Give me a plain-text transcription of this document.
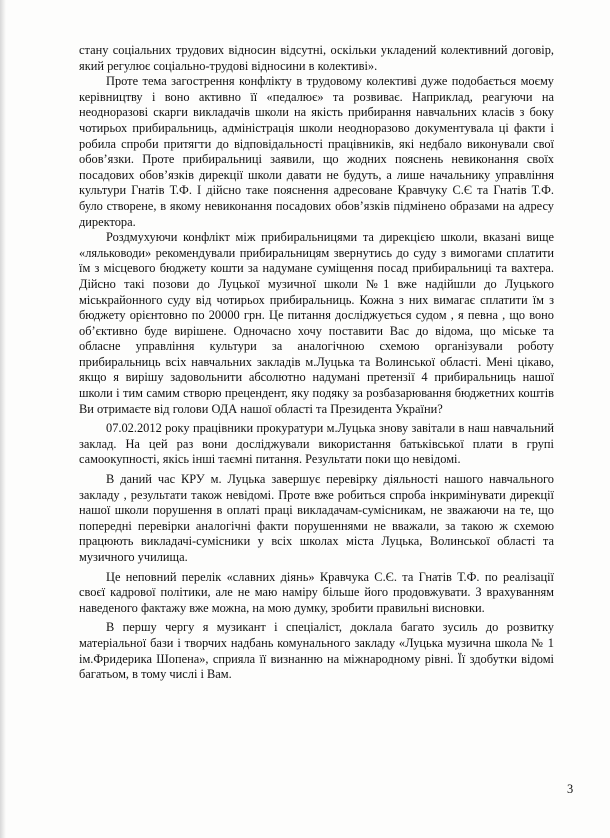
стану соціальних трудових відносин відсутні, оскільки укладений колективний договір, який регулює соціально-трудові відносини в колективі».

Проте тема загострення конфлікту в трудовому колективі дуже подобається моєму керівництву і воно активно її «педалює» та розвиває. Наприклад, реагуючи на неодноразові скарги викладачів школи на якість прибирання навчальних класів з боку чотирьох прибиральниць, адміністрація школи неодноразово документувала ці факти і робила спроби притягти до відповідальності працівників, які недбало виконували свої обов’язки. Проте прибиральниці заявили, що жодних пояснень невиконання своїх посадових обов’язків дирекції школи давати не будуть, а лише начальнику управління культури Гнатів Т.Ф. І дійсно таке пояснення адресоване Кравчуку С.Є та Гнатів Т.Ф. було створене, в якому невиконання посадових обов’язків підмінено образами на адресу директора.

Роздмухуючи конфлікт між прибиральницями та дирекцією школи, вказані вище «ляльководи» рекомендували прибиральницям звернутись до суду з вимогами сплатити їм з місцевого бюджету кошти за надумане суміщення посад прибиральниці та вахтера. Дійсно такі позови до Луцької музичної школи №1 вже надійшли до Луцького міськрайонного суду від чотирьох прибиральниць. Кожна з них вимагає сплатити їм з бюджету орієнтовно по 20000 грн. Це питання досліджується судом , я певна , що воно об’єктивно буде вирішене. Одночасно хочу поставити Вас до відома, що міське та обласне управління культури за аналогічною схемою організували роботу прибиральниць всіх навчальних закладів м.Луцька та Волинської області. Мені цікаво, якщо я вирішу задовольнити абсолютно надумані претензії 4 прибиральниць нашої школи і тим самим створю прецендент, яку подяку за розбазарювання бюджетних коштів Ви отримаєте від голови ОДА нашої області та Президента України?

07.02.2012 року працівники прокуратури м.Луцька знову завітали в наш навчальний заклад. На цей раз вони досліджували використання батьківської плати в групі самоокупності, якісь інші таємні питання. Результати поки що невідомі.

В даний час КРУ м. Луцька завершує перевірку діяльності нашого навчального закладу , результати також невідомі. Проте вже робиться спроба інкримінувати дирекції нашої школи порушення в оплаті праці викладачам-сумісникам, не зважаючи на те, що попередні перевірки аналогічні факти порушеннями не вважали, за такою ж схемою працюють викладачі-сумісники у всіх школах міста Луцька, Волинської області та музичного училища.

Це неповний перелік «славних діянь» Кравчука С.Є. та Гнатів Т.Ф. по реалізації своєї кадрової політики, але не маю наміру більше його продовжувати. З врахуванням наведеного фактажу вже можна, на мою думку, зробити правильні висновки.

В першу чергу я музикант і спеціаліст, доклала багато зусиль до розвитку матеріальної бази і творчих надбань комунального закладу «Луцька музична школа № 1 ім.Фридерика Шопена», сприяла її визнанню на міжнародному рівні. Її здобутки відомі багатьом, в тому числі і Вам.

3
